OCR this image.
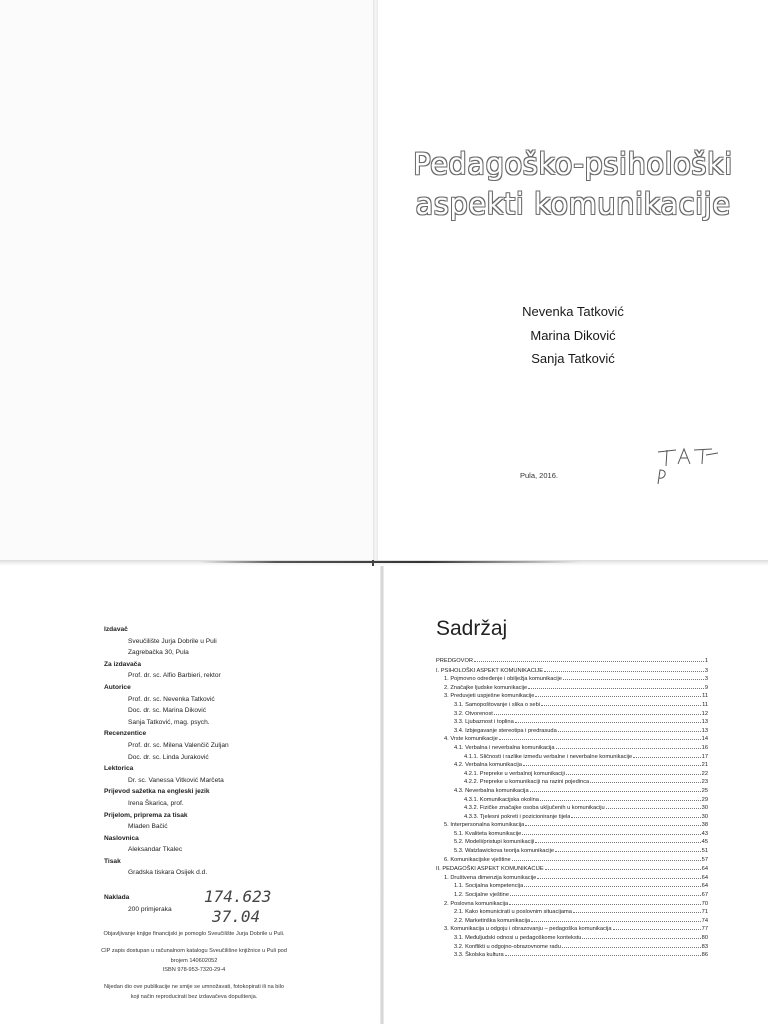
Pedagoško-psihološki
aspekti komunikacije
Nevenka Tatković
Marina Diković
Sanja Tatković
Pula, 2016.
Izdavač
Sveučilište Jurja Dobrile u Puli
Zagrebačka 30, Pula
Za izdavača
Prof. dr. sc. Alfio Barbieri, rektor
Autorice
Prof. dr. sc. Nevenka Tatković
Doc. dr. sc. Marina Diković
Sanja Tatković, mag. psych.
Recenzentice
Prof. dr. sc. Milena Valenčič Zuljan
Doc. dr. sc. Linda Juraković
Lektorica
Dr. sc. Vanessa Vitković Marčeta
Prijevod sažetka na engleski jezik
Irena Škarica, prof.
Prijelom, priprema za tisak
Mladen Bačić
Naslovnica
Aleksandar Tkalec
Tisak
Gradska tiskara Osijek d.d.
Naklada
200 primjeraka
174.623
37.04

Objavljivanje knjige financijski je pomoglo Sveučilište Jurja Dobrile u Puli.

CIP zapis dostupan u računalnom katalogu Sveučilišne knjižnice u Puli pod
brojem 140602052
ISBN 978-953-7320-29-4

Nijedan dio ove publikacije ne smije se umnožavati, fotokopirati ili na bilo
koji način reproducirati bez izdavačeva dopuštenja.

Sadržaj
PREDGOVOR	1
I. PSIHOLOŠKI ASPEKT KOMUNIKACIJE	3
1. Pojmovno određenje i obilježja komunikacije	3
2. Značajke ljudske komunikacije	9
3. Preduvjeti uspješne komunikacije	11
3.1. Samopoštovanje i slika o sebi	11
3.2. Otvorenost	12
3.3. Ljubaznost i toplina	13
3.4. Izbjegavanje stereotipa i predrasuda	13
4. Vrste komunikacije	14
4.1. Verbalna i neverbalna komunikacija	16
4.1.1. Sličnosti i razlike između verbalne i neverbalne komunikacije	17
4.2. Verbalna komunikacija	21
4.2.1. Prepreke u verbalnoj komunikaciji	22
4.2.2. Prepreke u komunikaciji na razini pojedinca	23
4.3. Neverbalna komunikacija	25
4.3.1. Komunikacijska okolina	29
4.3.2. Fizičke značajke osoba uključenih u komunikaciju	30
4.3.3. Tjelesni pokreti i pozicioniranje tijela	30
5. Interpersonalna komunikacija	38
5.1. Kvaliteta komunikacije	43
5.2. Modeli/pristupi komunikaciji	45
5.3. Watzlawickova teorija komunikacije	51
6. Komunikacijske vještine	57
II. PEDAGOŠKI ASPEKT KOMUNIKACIJE	64
1. Društvena dimenzija komunikacije	64
1.1. Socijalna kompetencija	64
1.2. Socijalne vještine	67
2. Poslovna komunikacija	70
2.1. Kako komunicirati u poslovnim situacijama	71
2.2. Marketinška komunikacija	74
3. Komunikacija u odgoju i obrazovanju – pedagoška komunikacija	77
3.1. Međuljudski odnosi u pedagoškome kontekstu	80
3.2. Konflikti u odgojno-obrazovnome radu	83
3.3. Školska kultura	86
